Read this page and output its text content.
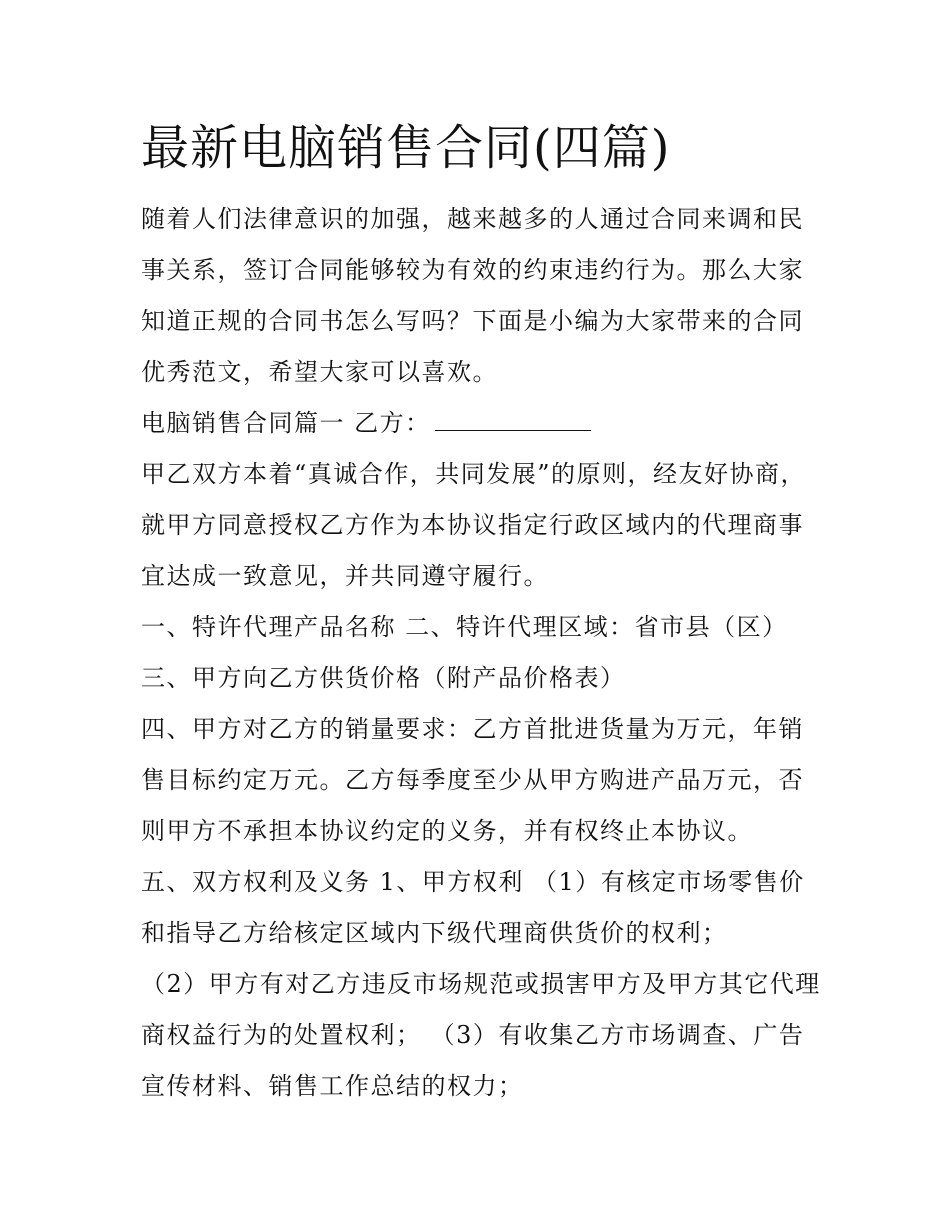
最新电脑销售合同(四篇)

随着人们法律意识的加强，越来越多的人通过合同来调和民事关系，签订合同能够较为有效的约束违约行为。那么大家知道正规的合同书怎么写吗？下面是小编为大家带来的合同优秀范文，希望大家可以喜欢。

电脑销售合同篇一 乙方：

甲乙双方本着“真诚合作，共同发展”的原则，经友好协商，就甲方同意授权乙方作为本协议指定行政区域内的代理商事宜达成一致意见，并共同遵守履行。

一、特许代理产品名称 二、特许代理区域：省市县（区）

三、甲方向乙方供货价格（附产品价格表）

四、甲方对乙方的销量要求：乙方首批进货量为万元，年销售目标约定万元。乙方每季度至少从甲方购进产品万元，否则甲方不承担本协议约定的义务，并有权终止本协议。

五、双方权利及义务 1、甲方权利 （1）有核定市场零售价和指导乙方给核定区域内下级代理商供货价的权利；

（2）甲方有对乙方违反市场规范或损害甲方及甲方其它代理商权益行为的处置权利； （3）有收集乙方市场调查、广告宣传材料、销售工作总结的权力；
